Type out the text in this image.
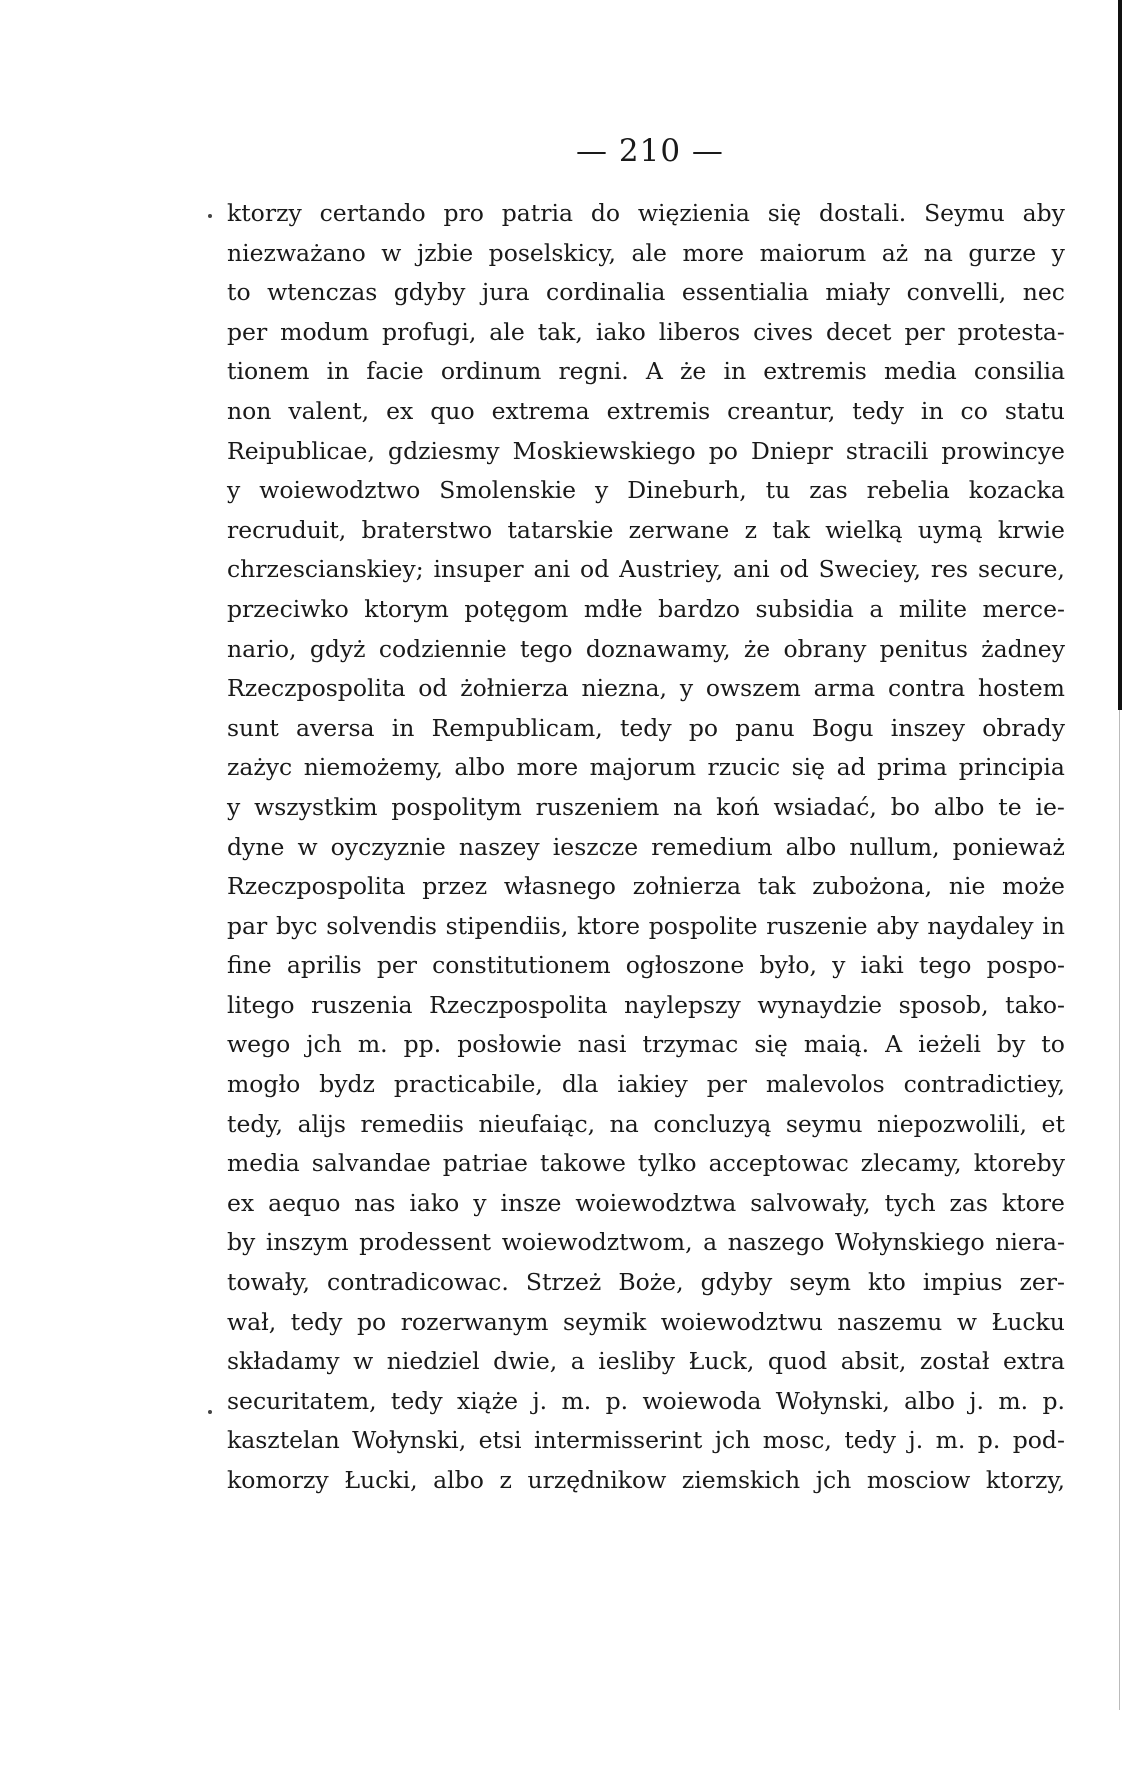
— 210 —
ktorzy certando pro patria do więzienia się dostali. Seymu aby
niezważano w jzbie poselskicy, ale more maiorum aż na gurze y
to wtenczas gdyby jura cordinalia essentialia miały convelli, nec
per modum profugi, ale tak, iako liberos cives decet per protesta-
tionem in facie ordinum regni. A że in extremis media consilia
non valent, ex quo extrema extremis creantur, tedy in co statu
Reipublicae, gdziesmy Moskiewskiego po Dniepr stracili prowincye
y woiewodztwo Smolenskie y Dineburh, tu zas rebelia kozacka
recruduit, braterstwo tatarskie zerwane z tak wielką uymą krwie
chrzescianskiey; insuper ani od Austriey, ani od Sweciey, res secure,
przeciwko ktorym potęgom mdłe bardzo subsidia a milite merce-
nario, gdyż codziennie tego doznawamy, że obrany penitus żadney
Rzeczpospolita od żołnierza niezna, y owszem arma contra hostem
sunt aversa in Rempublicam, tedy po panu Bogu inszey obrady
zażyc niemożemy, albo more majorum rzucic się ad prima principia
y wszystkim pospolitym ruszeniem na koń wsiadać, bo albo te ie-
dyne w oyczyznie naszey ieszcze remedium albo nullum, ponieważ
Rzeczpospolita przez własnego zołnierza tak zubożona, nie może
par byc solvendis stipendiis, ktore pospolite ruszenie aby naydaley in
fine aprilis per constitutionem ogłoszone było, y iaki tego pospo-
litego ruszenia Rzeczpospolita naylepszy wynaydzie sposob, tako-
wego jch m. pp. posłowie nasi trzymac się maią. A ieżeli by to
mogło bydz practicabile, dla iakiey per malevolos contradictiey,
tedy, alijs remediis nieufaiąc, na concluzyą seymu niepozwolili, et
media salvandae patriae takowe tylko acceptowac zlecamy, ktoreby
ex aequo nas iako y insze woiewodztwa salvowały, tych zas ktore
by inszym prodessent woiewodztwom, a naszego Wołynskiego niera-
towały, contradicowac. Strzeż Boże, gdyby seym kto impius zer-
wał, tedy po rozerwanym seymik woiewodztwu naszemu w Łucku
składamy w niedziel dwie, a iesliby Łuck, quod absit, został extra
securitatem, tedy xiąże j. m. p. woiewoda Wołynski, albo j. m. p.
kasztelan Wołynski, etsi intermisserint jch mosc, tedy j. m. p. pod-
komorzy Łucki, albo z urzędnikow ziemskich jch mosciow ktorzy,
